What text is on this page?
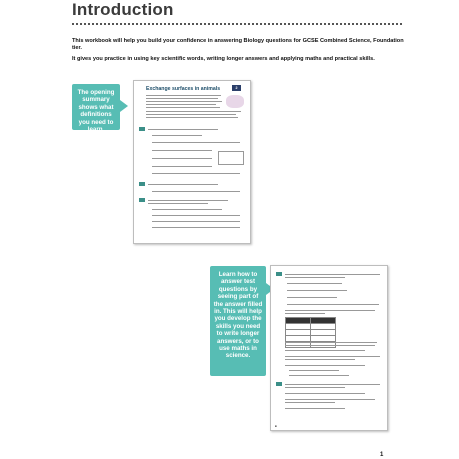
Introduction
This workbook will help you build your confidence in answering Biology questions for GCSE Combined Science, Foundation tier.
It gives you practice in using key scientific words, writing longer answers and applying maths and practical skills.
The opening summary shows what definitions you need to learn.
Exchange surfaces in animals	2
Learn how to answer test questions by seeing part of the answer filled in. This will help you develop the skills you need to write longer answers, or to use maths in science.

■
1
